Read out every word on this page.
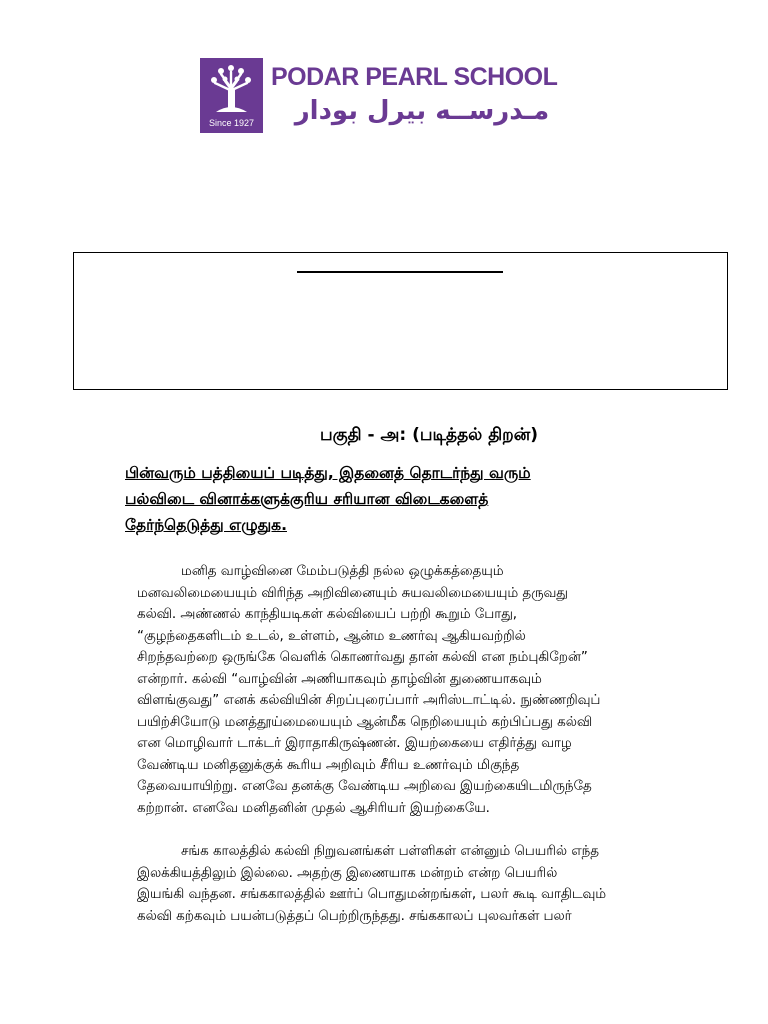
Since 1927
PODAR PEARL SCHOOL
مـدرســه بيرل بودار
பகுதி - அ: (படித்தல் திறன்)
பின்வரும் பத்தியைப் படித்து, இதனைத் தொடர்ந்து வரும்
பல்விடை வினாக்களுக்குரிய சரியான விடைகளைத்
தேர்ந்தெடுத்து எழுதுக.
மனித வாழ்வினை மேம்படுத்தி நல்ல ஒழுக்கத்தையும்
மனவலிமையையும் விரிந்த அறிவினையும் சுயவலிமையையும் தருவது
கல்வி. அண்ணல் காந்தியடிகள் கல்வியைப் பற்றி கூறும் போது,
“குழந்தைகளிடம் உடல், உள்ளம், ஆன்ம உணர்வு ஆகியவற்றில்
சிறந்தவற்றை ஒருங்கே வெளிக் கொணர்வது தான் கல்வி என நம்புகிறேன்”
என்றார். கல்வி “வாழ்வின் அணியாகவும் தாழ்வின் துணையாகவும்
விளங்குவது” எனக் கல்வியின் சிறப்புரைப்பார் அரிஸ்டாட்டில். நுண்ணறிவுப்
பயிற்சியோடு மனத்தூய்மையையும் ஆன்மீக நெறியையும் கற்பிப்பது கல்வி
என மொழிவார் டாக்டர் இராதாகிருஷ்ணன். இயற்கையை எதிர்த்து வாழ
வேண்டிய மனிதனுக்குக் கூரிய அறிவும் சீரிய உணர்வும் மிகுந்த
தேவையாயிற்று. எனவே தனக்கு வேண்டிய அறிவை இயற்கையிடமிருந்தே
கற்றான். எனவே மனிதனின் முதல் ஆசிரியர் இயற்கையே.
சங்க காலத்தில் கல்வி நிறுவனங்கள் பள்ளிகள் என்னும் பெயரில் எந்த
இலக்கியத்திலும் இல்லை. அதற்கு இணையாக மன்றம் என்ற பெயரில்
இயங்கி வந்தன. சங்ககாலத்தில் ஊர்ப் பொதுமன்றங்கள், பலர் கூடி வாதிடவும்
கல்வி கற்கவும் பயன்படுத்தப் பெற்றிருந்தது. சங்ககாலப் புலவர்கள் பலர்
